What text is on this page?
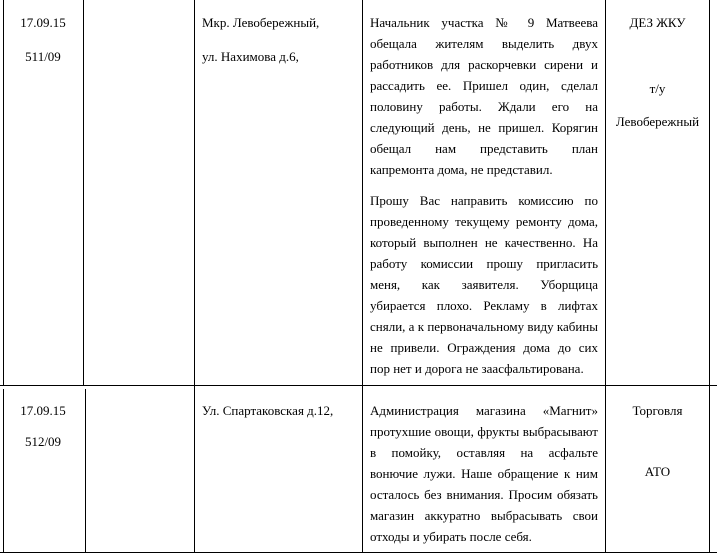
17.09.15
511/09
Мкр. Левобережный,
ул. Нахимова д.6,

Начальник участка № 9 Матвеева обещала жителям выделить двух работников для раскорчевки сирени и рассадить ее. Пришел один, сделал половину работы. Ждали его на следующий день, не пришел. Корягин обещал нам представить план капремонта дома, не представил.

Прошу Вас направить комиссию по проведенному текущему ремонту дома, который выполнен не качественно. На работу комиссии прошу пригласить меня, как заявителя. Уборщица убирается плохо. Рекламу в лифтах сняли, а к первоначальному виду кабины не привели. Ограждения дома до сих пор нет и дорога не заасфальтирована.

ДЕЗ ЖКУ
т/у
Левобережный
17.09.15
512/09
Ул. Спартаковская д.12,	Администрация магазина «Магнит» протухшие овощи, фрукты выбрасывают в помойку, оставляя на асфальте вонючие лужи. Наше обращение к ним осталось без внимания. Просим обязать магазин аккуратно выбрасывать свои отходы и убирать после себя.

Торговля
АТО
